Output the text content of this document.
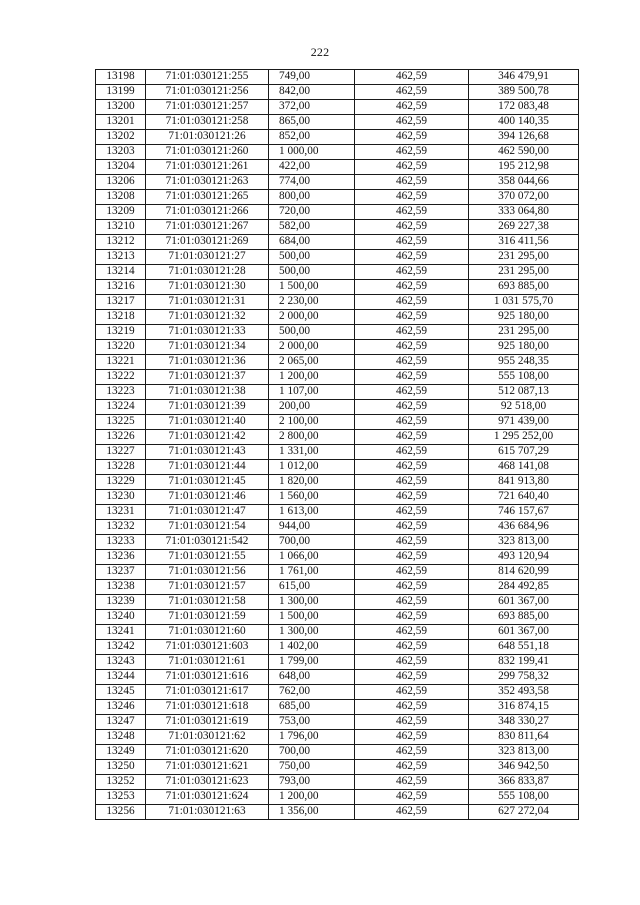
222
13198	71:01:030121:255	749,00	462,59	346 479,91
13199	71:01:030121:256	842,00	462,59	389 500,78
13200	71:01:030121:257	372,00	462,59	172 083,48
13201	71:01:030121:258	865,00	462,59	400 140,35
13202	71:01:030121:26	852,00	462,59	394 126,68
13203	71:01:030121:260	1 000,00	462,59	462 590,00
13204	71:01:030121:261	422,00	462,59	195 212,98
13206	71:01:030121:263	774,00	462,59	358 044,66
13208	71:01:030121:265	800,00	462,59	370 072,00
13209	71:01:030121:266	720,00	462,59	333 064,80
13210	71:01:030121:267	582,00	462,59	269 227,38
13212	71:01:030121:269	684,00	462,59	316 411,56
13213	71:01:030121:27	500,00	462,59	231 295,00
13214	71:01:030121:28	500,00	462,59	231 295,00
13216	71:01:030121:30	1 500,00	462,59	693 885,00
13217	71:01:030121:31	2 230,00	462,59	1 031 575,70
13218	71:01:030121:32	2 000,00	462,59	925 180,00
13219	71:01:030121:33	500,00	462,59	231 295,00
13220	71:01:030121:34	2 000,00	462,59	925 180,00
13221	71:01:030121:36	2 065,00	462,59	955 248,35
13222	71:01:030121:37	1 200,00	462,59	555 108,00
13223	71:01:030121:38	1 107,00	462,59	512 087,13
13224	71:01:030121:39	200,00	462,59	92 518,00
13225	71:01:030121:40	2 100,00	462,59	971 439,00
13226	71:01:030121:42	2 800,00	462,59	1 295 252,00
13227	71:01:030121:43	1 331,00	462,59	615 707,29
13228	71:01:030121:44	1 012,00	462,59	468 141,08
13229	71:01:030121:45	1 820,00	462,59	841 913,80
13230	71:01:030121:46	1 560,00	462,59	721 640,40
13231	71:01:030121:47	1 613,00	462,59	746 157,67
13232	71:01:030121:54	944,00	462,59	436 684,96
13233	71:01:030121:542	700,00	462,59	323 813,00
13236	71:01:030121:55	1 066,00	462,59	493 120,94
13237	71:01:030121:56	1 761,00	462,59	814 620,99
13238	71:01:030121:57	615,00	462,59	284 492,85
13239	71:01:030121:58	1 300,00	462,59	601 367,00
13240	71:01:030121:59	1 500,00	462,59	693 885,00
13241	71:01:030121:60	1 300,00	462,59	601 367,00
13242	71:01:030121:603	1 402,00	462,59	648 551,18
13243	71:01:030121:61	1 799,00	462,59	832 199,41
13244	71:01:030121:616	648,00	462,59	299 758,32
13245	71:01:030121:617	762,00	462,59	352 493,58
13246	71:01:030121:618	685,00	462,59	316 874,15
13247	71:01:030121:619	753,00	462,59	348 330,27
13248	71:01:030121:62	1 796,00	462,59	830 811,64
13249	71:01:030121:620	700,00	462,59	323 813,00
13250	71:01:030121:621	750,00	462,59	346 942,50
13252	71:01:030121:623	793,00	462,59	366 833,87
13253	71:01:030121:624	1 200,00	462,59	555 108,00
13256	71:01:030121:63	1 356,00	462,59	627 272,04
